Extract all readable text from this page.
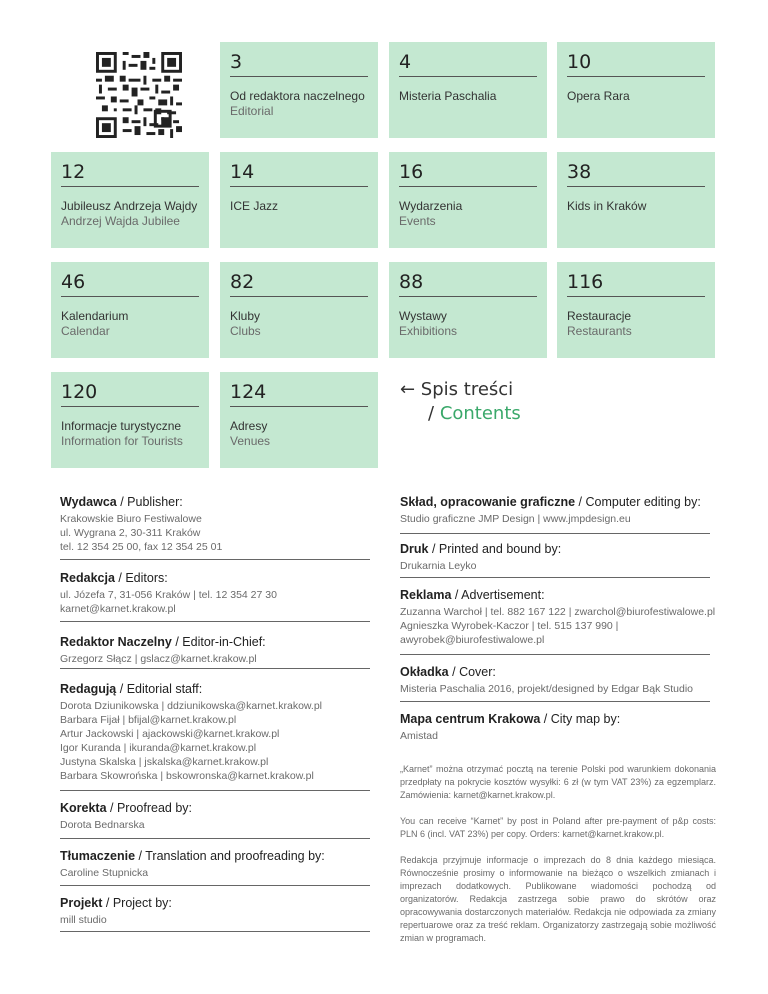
3
Od redaktora naczelnego
Editorial
4
Misteria Paschalia
10
Opera Rara
12
Jubileusz Andrzeja Wajdy
Andrzej Wajda Jubilee
14
ICE Jazz
16
Wydarzenia
Events
38
Kids in Kraków
46
Kalendarium
Calendar
82
Kluby
Clubs
88
Wystawy
Exhibitions
116
Restauracje
Restaurants
120
Informacje turystyczne
Information for Tourists
124
Adresy
Venues
← Spis treści
/ Contents
Wydawca / Publisher:
Krakowskie Biuro Festiwalowe
ul. Wygrana 2, 30-311 Kraków
tel. 12 354 25 00, fax 12 354 25 01
Redakcja / Editors:
ul. Józefa 7, 31-056 Kraków | tel. 12 354 27 30
karnet@karnet.krakow.pl
Redaktor Naczelny / Editor-in-Chief:
Grzegorz Słącz | gslacz@karnet.krakow.pl
Redagują / Editorial staff:
Dorota Dziunikowska | ddziunikowska@karnet.krakow.pl
Barbara Fijał | bfijal@karnet.krakow.pl
Artur Jackowski | ajackowski@karnet.krakow.pl
Igor Kuranda | ikuranda@karnet.krakow.pl
Justyna Skalska | jskalska@karnet.krakow.pl
Barbara Skowrońska | bskowronska@karnet.krakow.pl
Korekta / Proofread by:
Dorota Bednarska
Tłumaczenie / Translation and proofreading by:
Caroline Stupnicka
Projekt / Project by:
mill studio
Skład, opracowanie graficzne / Computer editing by:
Studio graficzne JMP Design | www.jmpdesign.eu
Druk / Printed and bound by:
Drukarnia Leyko
Reklama / Advertisement:
Zuzanna Warchoł | tel. 882 167 122 | zwarchol@biurofestiwalowe.pl
Agnieszka Wyrobek-Kaczor | tel. 515 137 990 |
awyrobek@biurofestiwalowe.pl
Okładka / Cover:
Misteria Paschalia 2016, projekt/designed by Edgar Bąk Studio
Mapa centrum Krakowa / City map by:
Amistad
„Karnet” można otrzymać pocztą na terenie Polski pod warunkiem dokonania przedpłaty na pokrycie kosztów wysyłki: 6 zł (w tym VAT 23%) za egzemplarz. Zamówienia: karnet@karnet.krakow.pl.
You can receive “Karnet” by post in Poland after pre-payment of p&p costs: PLN 6 (incl. VAT 23%) per copy. Orders: karnet@karnet.krakow.pl.
Redakcja przyjmuje informacje o imprezach do 8 dnia każdego miesiąca. Równocześnie prosimy o informowanie na bieżąco o wszelkich zmianach i imprezach dodatkowych. Publikowane wiadomości pochodzą od organizatorów. Redakcja zastrzega sobie prawo do skrótów oraz opracowywania dostarczonych materiałów. Redakcja nie odpowiada za zmiany repertuarowe oraz za treść reklam. Organizatorzy zastrzegają sobie możliwość zmian w programach.
